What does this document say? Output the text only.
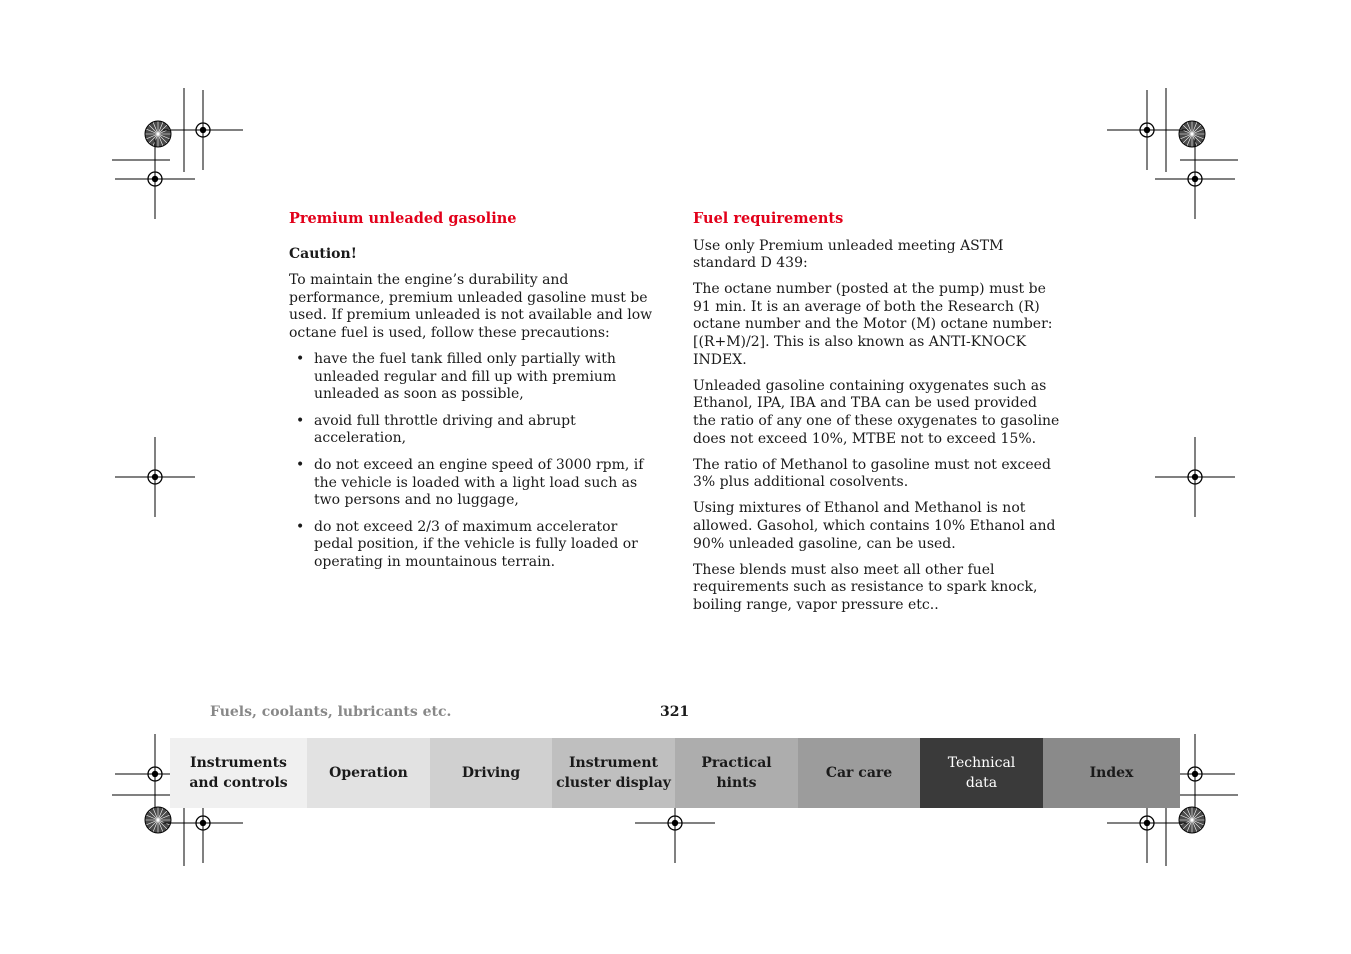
Premium unleaded gasoline
Caution!

To maintain the engine’s durability and performance, premium unleaded gasoline must be used. If premium unleaded is not available and low octane fuel is used, follow these precautions:

• have the fuel tank filled only partially with unleaded regular and fill up with premium unleaded as soon as possible,
• avoid full throttle driving and abrupt acceleration,
• do not exceed an engine speed of 3000 rpm, if the vehicle is loaded with a light load such as two persons and no luggage,
• do not exceed 2/3 of maximum accelerator pedal position, if the vehicle is fully loaded or operating in mountainous terrain.
Fuel requirements

Use only Premium unleaded meeting ASTM standard D 439:

The octane number (posted at the pump) must be 91 min. It is an average of both the Research (R) octane number and the Motor (M) octane number: [(R+M)/2]. This is also known as ANTI-KNOCK INDEX.

Unleaded gasoline containing oxygenates such as Ethanol, IPA, IBA and TBA can be used provided the ratio of any one of these oxygenates to gasoline does not exceed 10%, MTBE not to exceed 15%.

The ratio of Methanol to gasoline must not exceed 3% plus additional cosolvents.

Using mixtures of Ethanol and Methanol is not allowed. Gasohol, which contains 10% Ethanol and 90% unleaded gasoline, can be used.

These blends must also meet all other fuel requirements such as resistance to spark knock, boiling range, vapor pressure etc..

Fuels, coolants, lubricants etc.	321
Instruments
and controls
Operation	Driving
Instrument
cluster display
Practical hints
Car care
Technical
data
Index
